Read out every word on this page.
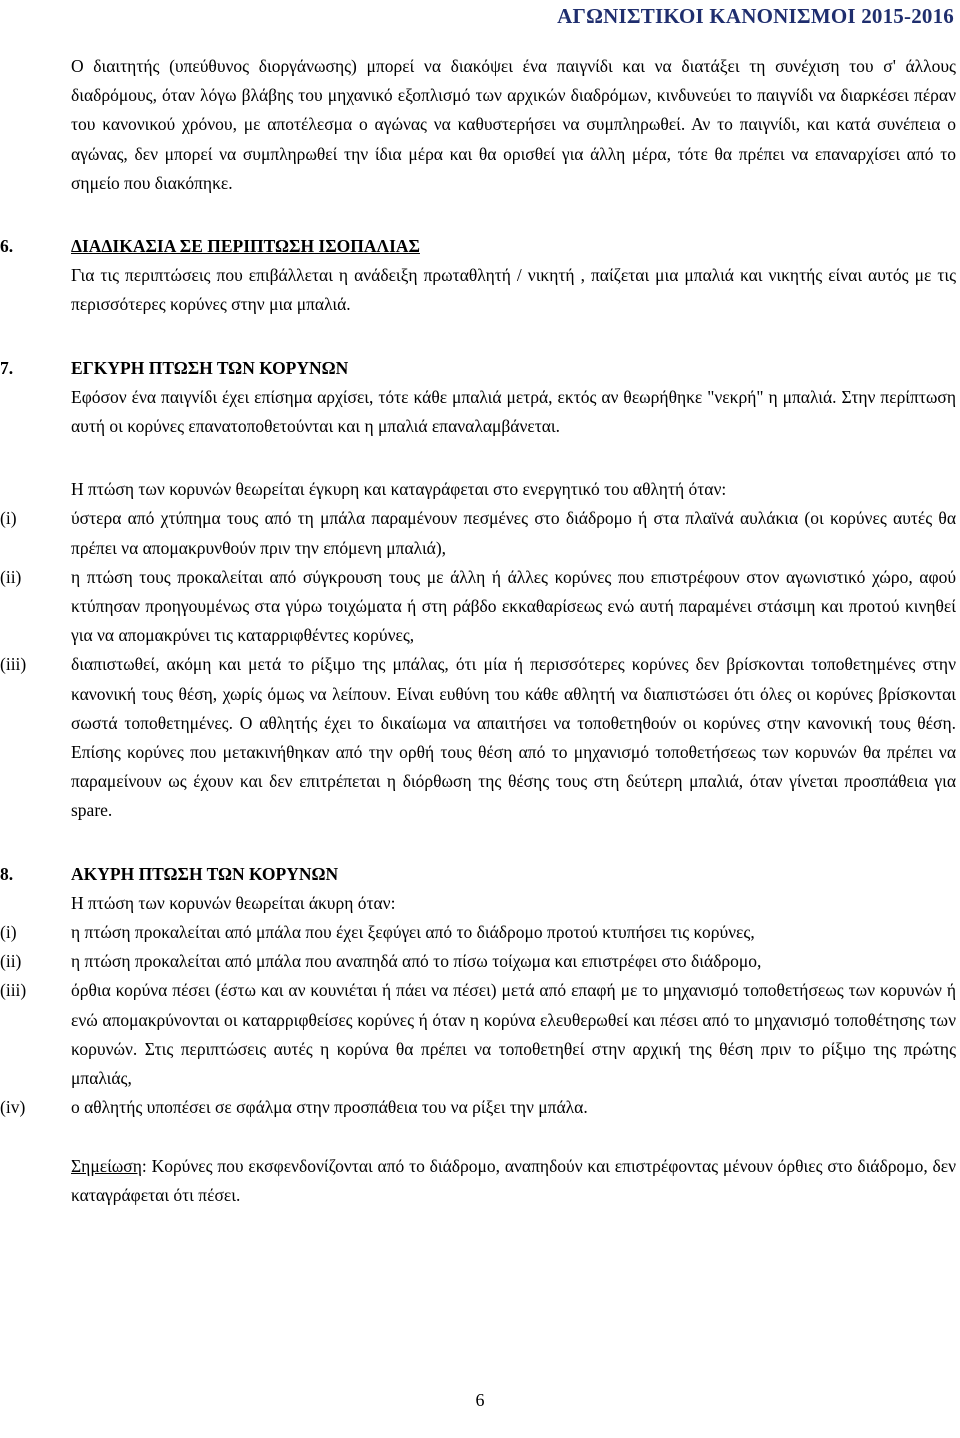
ΑΓΩΝΙΣΤΙΚΟΙ ΚΑΝΟΝΙΣΜΟΙ 2015-2016

Ο διαιτητής (υπεύθυνος διοργάνωσης) μπορεί να διακόψει ένα παιγνίδι και να διατάξει τη συνέχιση του σ' άλλους διαδρόμους, όταν λόγω βλάβης του μηχανικό εξοπλισμό των αρχικών διαδρόμων, κινδυνεύει το παιγνίδι να διαρκέσει πέραν του κανονικού χρόνου, με αποτέλεσμα ο αγώνας να καθυστερήσει να συμπληρωθεί. Αν το παιγνίδι, και κατά συνέπεια ο αγώνας, δεν μπορεί να συμπληρωθεί την ίδια μέρα και θα ορισθεί για άλλη μέρα, τότε θα πρέπει να επαναρχίσει από το σημείο που διακόπηκε.

6.	ΔΙΑΔΙΚΑΣΙΑ ΣΕ ΠΕΡΙΠΤΩΣΗ ΙΣΟΠΑΛΙΑΣ

Για τις περιπτώσεις που επιβάλλεται η ανάδειξη πρωταθλητή / νικητή , παίζεται μια μπαλιά και νικητής είναι αυτός με τις περισσότερες κορύνες στην μια μπαλιά.

7.	ΕΓΚΥΡΗ ΠΤΩΣΗ ΤΩΝ ΚΟΡΥΝΩΝ

Εφόσον ένα παιγνίδι έχει επίσημα αρχίσει, τότε κάθε μπαλιά μετρά, εκτός αν θεωρήθηκε "νεκρή" η μπαλιά. Στην περίπτωση αυτή οι κορύνες επανατοποθετούνται και η μπαλιά επαναλαμβάνεται.

Η πτώση των κορυνών θεωρείται έγκυρη και καταγράφεται στο ενεργητικό του αθλητή όταν:

(i)	ύστερα από χτύπημα τους από τη μπάλα παραμένουν πεσμένες στο διάδρομο ή στα πλαϊνά αυλάκια (οι κορύνες αυτές θα πρέπει να απομακρυνθούν πριν την επόμενη μπαλιά),

(ii)	η πτώση τους προκαλείται από σύγκρουση τους με άλλη ή άλλες κορύνες που επιστρέφουν στον αγωνιστικό χώρο, αφού κτύπησαν προηγουμένως στα γύρω τοιχώματα ή στη ράβδο εκκαθαρίσεως ενώ αυτή παραμένει στάσιμη και προτού κινηθεί για να απομακρύνει τις καταρριφθέντες κορύνες,

(iii)	διαπιστωθεί, ακόμη και μετά το ρίξιμο της μπάλας, ότι μία ή περισσότερες κορύνες δεν βρίσκονται τοποθετημένες στην κανονική τους θέση, χωρίς όμως να λείπουν. Είναι ευθύνη του κάθε αθλητή να διαπιστώσει ότι όλες οι κορύνες βρίσκονται σωστά τοποθετημένες. Ο αθλητής έχει το δικαίωμα να απαιτήσει να τοποθετηθούν οι κορύνες στην κανονική τους θέση. Επίσης κορύνες που μετακινήθηκαν από την ορθή τους θέση από το μηχανισμό τοποθετήσεως των κορυνών θα πρέπει να παραμείνουν ως έχουν και δεν επιτρέπεται η διόρθωση της θέσης τους στη δεύτερη μπαλιά, όταν γίνεται προσπάθεια για spare.

8.	ΑΚΥΡΗ ΠΤΩΣΗ ΤΩΝ ΚΟΡΥΝΩΝ

Η πτώση των κορυνών θεωρείται άκυρη όταν:

(i)	η πτώση προκαλείται από μπάλα που έχει ξεφύγει από το διάδρομο προτού κτυπήσει τις κορύνες,

(ii)	η πτώση προκαλείται από μπάλα που αναπηδά από το πίσω τοίχωμα και επιστρέφει στο διάδρομο,

(iii)	όρθια κορύνα πέσει (έστω και αν κουνιέται ή πάει να πέσει) μετά από επαφή με το μηχανισμό τοποθετήσεως των κορυνών ή ενώ απομακρύνονται οι καταρριφθείσες κορύνες ή όταν η κορύνα ελευθερωθεί και πέσει από το μηχανισμό τοποθέτησης των κορυνών. Στις περιπτώσεις αυτές η κορύνα θα πρέπει να τοποθετηθεί στην αρχική της θέση πριν το ρίξιμο της πρώτης μπαλιάς,

(iv)	ο αθλητής υποπέσει σε σφάλμα στην προσπάθεια του να ρίξει την μπάλα.

Σημείωση: Κορύνες που εκσφενδονίζονται από το διάδρομο, αναπηδούν και επιστρέφοντας μένουν όρθιες στο διάδρομο, δεν καταγράφεται ότι πέσει.

6
